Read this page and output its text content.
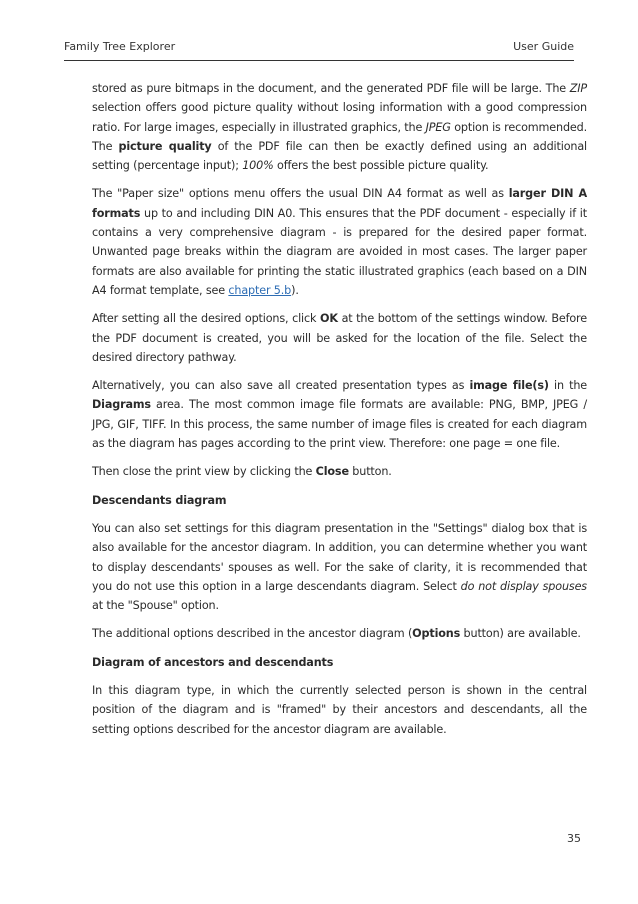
Family Tree Explorer	User Guide

stored as pure bitmaps in the document, and the generated PDF file will be large. The ZIP selection offers good picture quality without losing information with a good compression ratio. For large images, especially in illustrated graphics, the JPEG option is recommended. The picture quality of the PDF file can then be exactly defined using an additional setting (percentage input); 100% offers the best possible picture quality.

The "Paper size" options menu offers the usual DIN A4 format as well as larger DIN A formats up to and including DIN A0. This ensures that the PDF document - especially if it contains a very comprehensive diagram - is prepared for the desired paper format. Unwanted page breaks within the diagram are avoided in most cases. The larger paper formats are also available for printing the static illustrated graphics (each based on a DIN A4 format template, see chapter 5.b).

After setting all the desired options, click OK at the bottom of the settings window. Before the PDF document is created, you will be asked for the location of the file. Select the desired directory pathway.

Alternatively, you can also save all created presentation types as image file(s) in the Diagrams area. The most common image file formats are available: PNG, BMP, JPEG / JPG, GIF, TIFF. In this process, the same number of image files is created for each diagram as the diagram has pages according to the print view. Therefore: one page = one file.

Then close the print view by clicking the Close button.

Descendants diagram

You can also set settings for this diagram presentation in the "Settings" dialog box that is also available for the ancestor diagram. In addition, you can determine whether you want to display descendants' spouses as well. For the sake of clarity, it is recommended that you do not use this option in a large descendants diagram. Select do not display spouses at the "Spouse" option.

The additional options described in the ancestor diagram (Options button) are available.

Diagram of ancestors and descendants

In this diagram type, in which the currently selected person is shown in the central position of the diagram and is "framed" by their ancestors and descendants, all the setting options described for the ancestor diagram are available.

35
